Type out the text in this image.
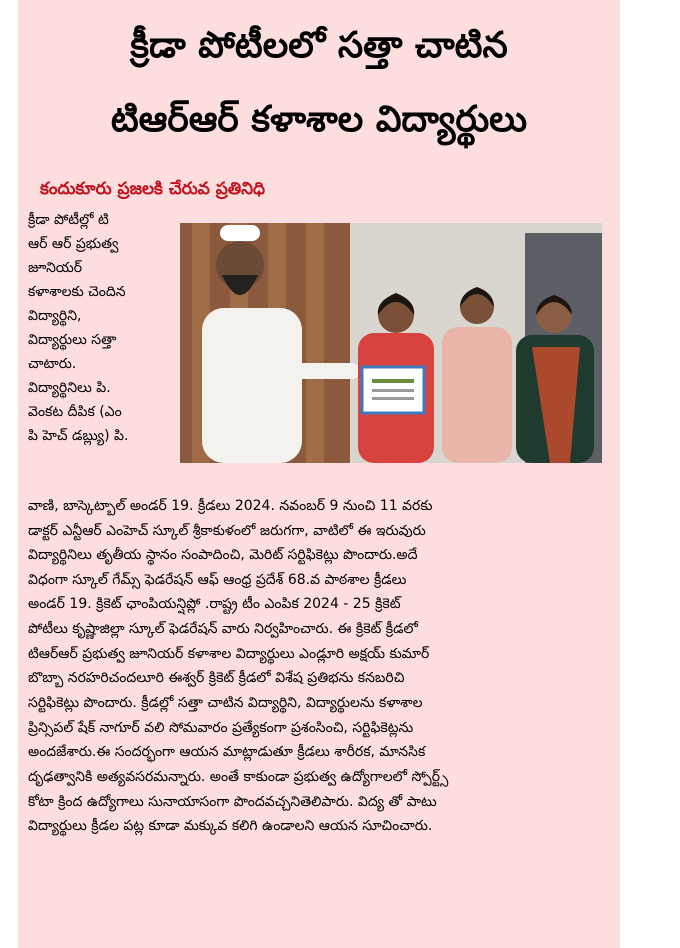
క్రీడా పోటీలలో సత్తా చాటిన
టిఆర్ఆర్ కళాశాల విద్యార్థులు
కందుకూరు ప్రజలకి చేరువ ప్రతినిధి
క్రీడా పోటీల్లో టి
ఆర్ ఆర్ ప్రభుత్వ
జూనియర్
కళాశాలకు చెందిన
విద్యార్థిని,
విద్యార్థులు సత్తా
చాటారు.
విద్యార్థినిలు పి.
వెంకట దీపిక (ఎం
పి హెచ్ డబ్ల్యు) పి.
వాణి, బాస్కెట్బాల్ అండర్ 19. క్రీడలు 2024. నవంబర్ 9 నుంచి 11 వరకు
డాక్టర్ ఎన్టీఆర్ ఎంహెచ్ స్కూల్ శ్రీకాకుళంలో జరుగగా, వాటిలో ఈ ఇరువురు
విద్యార్థినిలు తృతీయ స్థానం సంపాదించి, మెరిట్ సర్టిఫికెట్లు పొందారు.అదే
విధంగా స్కూల్ గేమ్స్ ఫెడరేషన్ ఆఫ్ ఆంధ్ర ప్రదేశ్ 68.వ పాఠశాల క్రీడలు
అండర్ 19. క్రికెట్ ఛాంపియన్షిప్లో .రాష్ట్ర టీం ఎంపిక 2024 - 25 క్రికెట్
పోటీలు కృష్ణాజిల్లా స్కూల్ ఫెడరేషన్ వారు నిర్వహించారు. ఈ క్రికెట్ క్రీడలో
టిఆర్ఆర్ ప్రభుత్వ జూనియర్ కళాశాల విద్యార్థులు ఎండ్లూరి అక్షయ్ కుమార్
బొబ్బా నరహరిచందలూరి ఈశ్వర్ క్రికెట్ క్రీడలో విశేష ప్రతిభను కనబరిచి
సర్టిఫికెట్లు పొందారు. క్రీడల్లో సత్తా చాటిన విద్యార్థిని, విద్యార్థులను కళాశాల
ప్రిన్సిపల్ షేక్ నాగూర్ వలి సోమవారం ప్రత్యేకంగా ప్రశంసించి, సర్టిఫికెట్లను
అందజేశారు.ఈ సందర్భంగా ఆయన మాట్లాడుతూ క్రీడలు శారీరక, మానసిక
దృఢత్వానికి అత్యవసరమన్నారు. అంతే కాకుండా ప్రభుత్వ ఉద్యోగాలలో స్పోర్ట్స్
కోటా క్రింద ఉద్యోగాలు సునాయాసంగా పొందవచ్చనితెలిపారు. విద్య తో పాటు
విద్యార్థులు క్రీడల పట్ల కూడా మక్కువ కలిగి ఉండాలని ఆయన సూచించారు.
